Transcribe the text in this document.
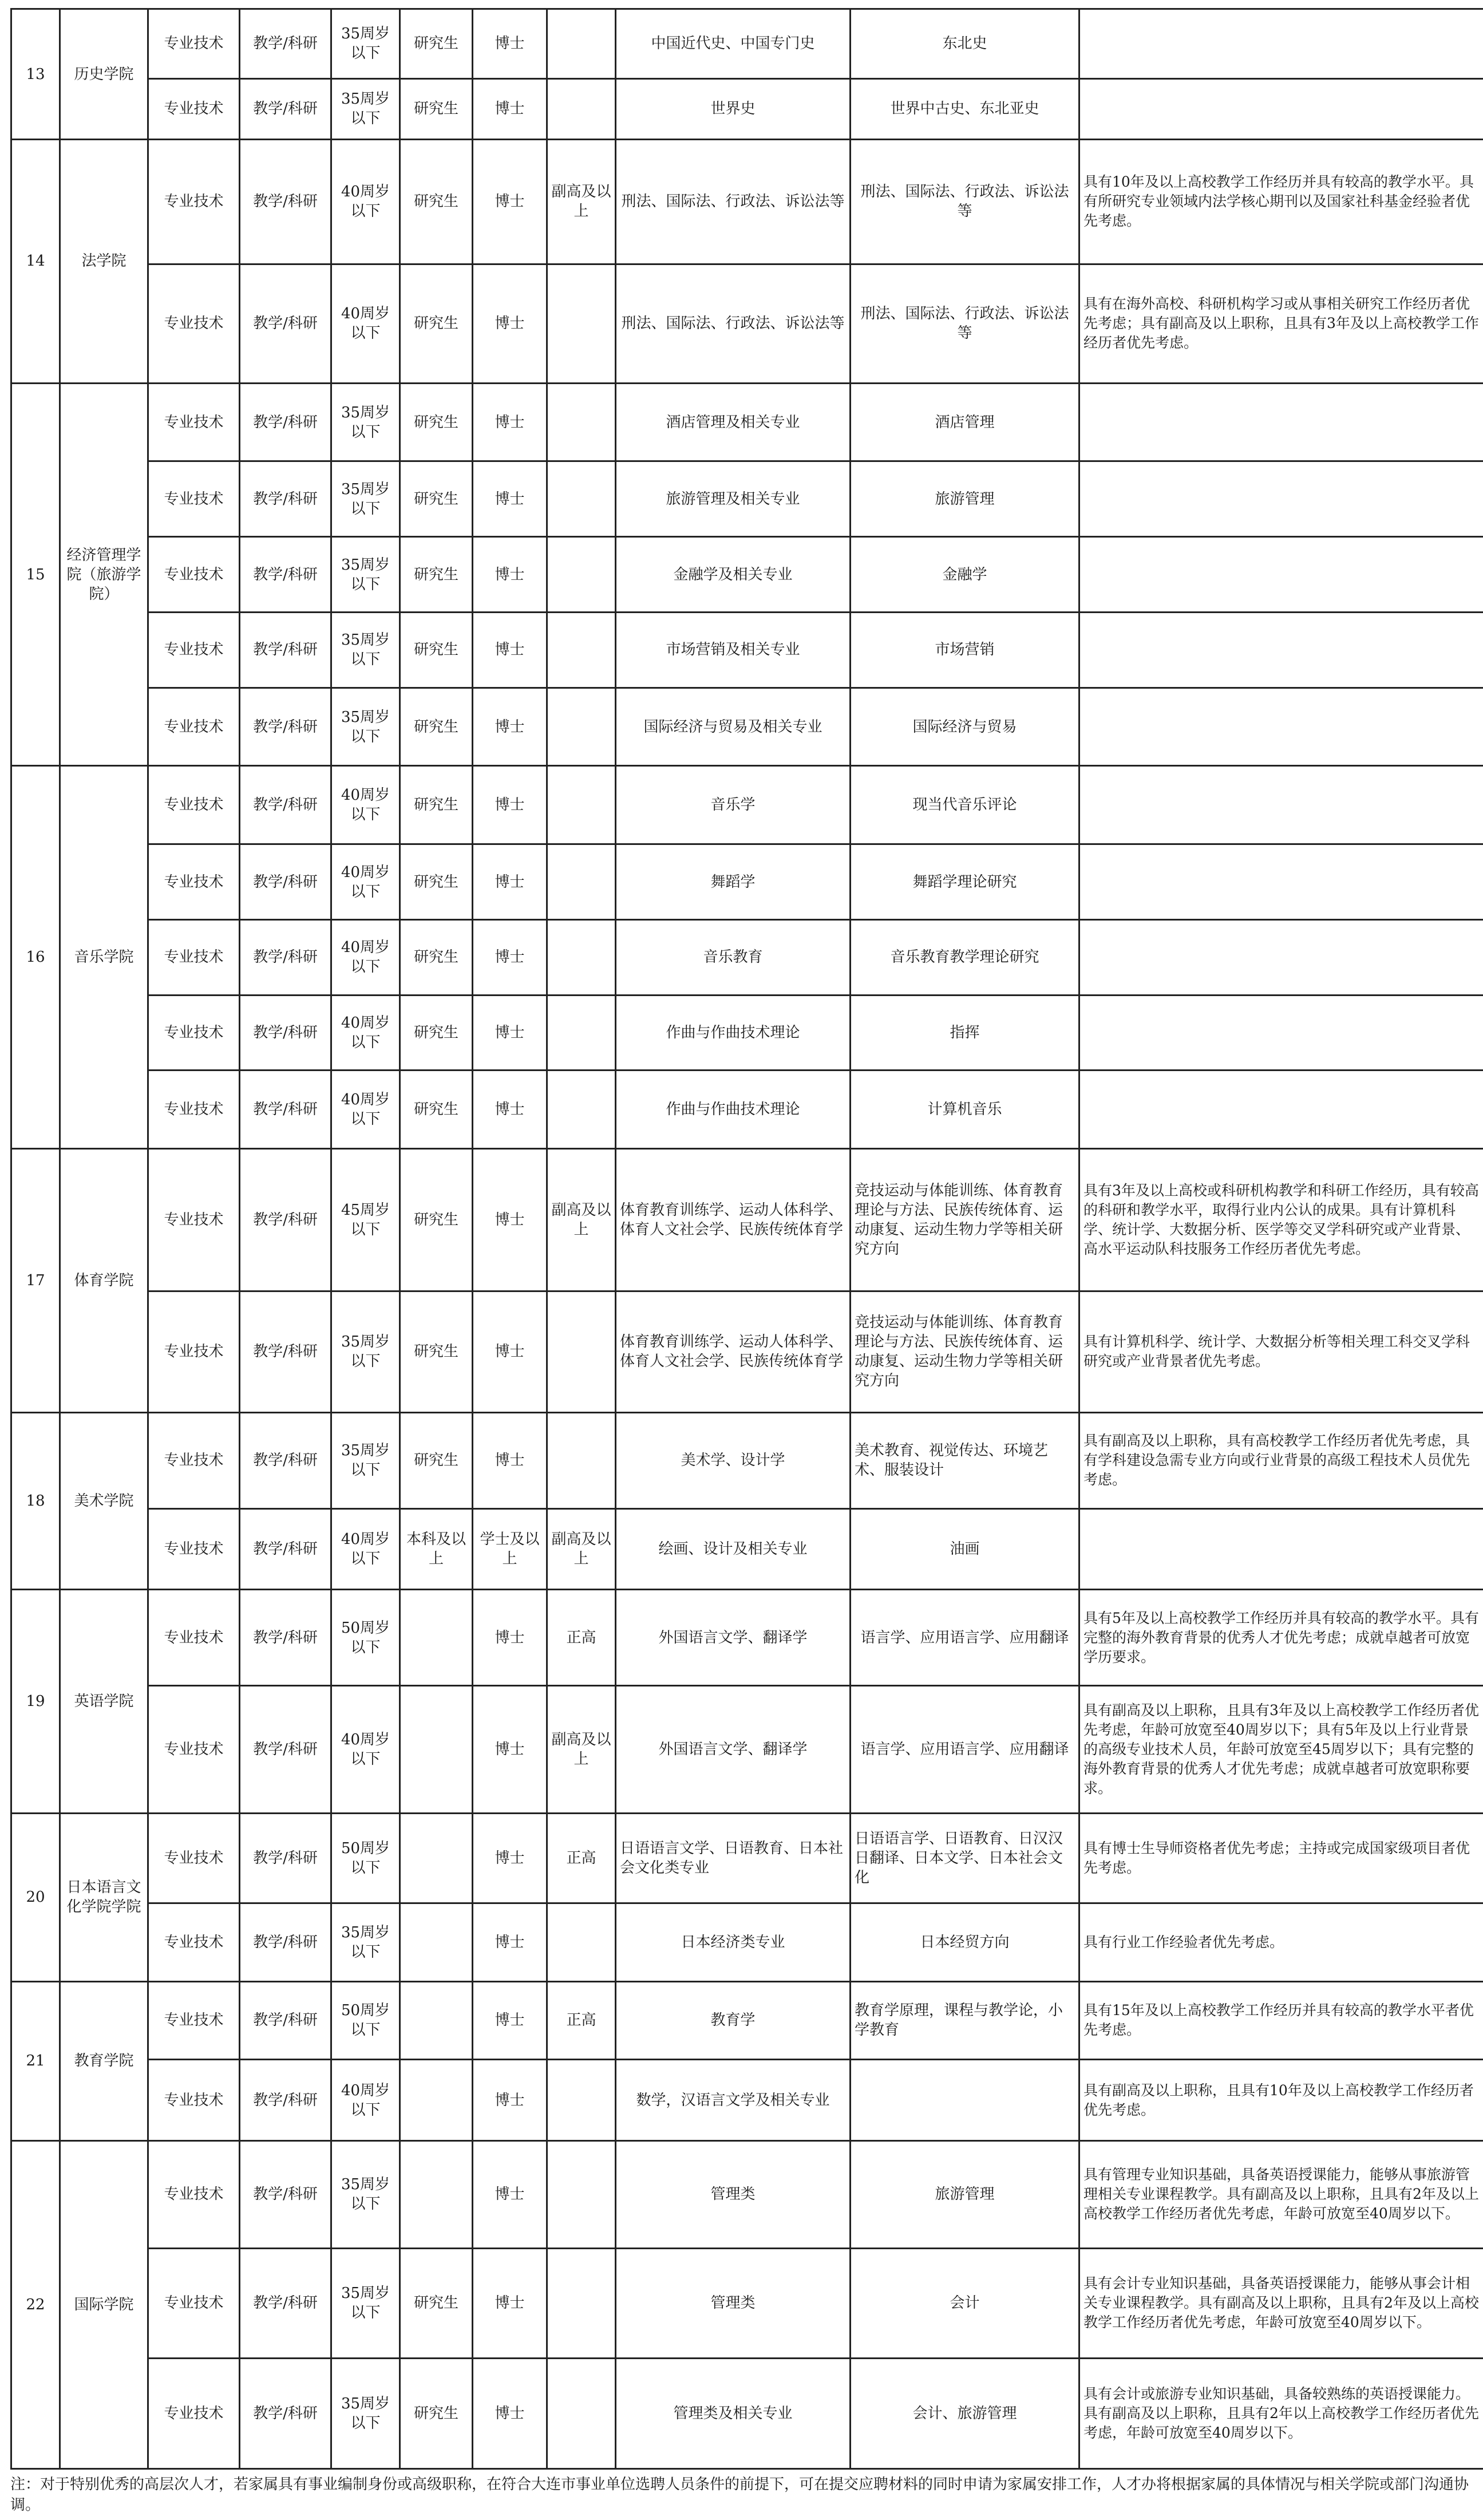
13	历史学院	专业技术	教学/科研	35周岁以下	研究生	博士		中国近代史、中国专门史	东北史	
		专业技术	教学/科研	35周岁以下	研究生	博士		世界史	世界中古史、东北亚史	
14	法学院	专业技术	教学/科研	40周岁以下	研究生	博士	副高及以上	刑法、国际法、行政法、诉讼法等	刑法、国际法、行政法、诉讼法等	具有10年及以上高校教学工作经历并具有较高的教学水平。具有所研究专业领域内法学核心期刊以及国家社科基金经验者优先考虑。
		专业技术	教学/科研	40周岁以下	研究生	博士		刑法、国际法、行政法、诉讼法等	刑法、国际法、行政法、诉讼法等	具有在海外高校、科研机构学习或从事相关研究工作经历者优先考虑；具有副高及以上职称，且具有3年及以上高校教学工作经历者优先考虑。
15	经济管理学院（旅游学院）	专业技术	教学/科研	35周岁以下	研究生	博士		酒店管理及相关专业	酒店管理	
		专业技术	教学/科研	35周岁以下	研究生	博士		旅游管理及相关专业	旅游管理	
		专业技术	教学/科研	35周岁以下	研究生	博士		金融学及相关专业	金融学	
		专业技术	教学/科研	35周岁以下	研究生	博士		市场营销及相关专业	市场营销	
		专业技术	教学/科研	35周岁以下	研究生	博士		国际经济与贸易及相关专业	国际经济与贸易	
16	音乐学院	专业技术	教学/科研	40周岁以下	研究生	博士		音乐学	现当代音乐评论	
		专业技术	教学/科研	40周岁以下	研究生	博士		舞蹈学	舞蹈学理论研究	
		专业技术	教学/科研	40周岁以下	研究生	博士		音乐教育	音乐教育教学理论研究	
		专业技术	教学/科研	40周岁以下	研究生	博士		作曲与作曲技术理论	指挥	
		专业技术	教学/科研	40周岁以下	研究生	博士		作曲与作曲技术理论	计算机音乐	
17	体育学院	专业技术	教学/科研	45周岁以下	研究生	博士	副高及以上	体育教育训练学、运动人体科学、体育人文社会学、民族传统体育学	竞技运动与体能训练、体育教育理论与方法、民族传统体育、运动康复、运动生物力学等相关研究方向	具有3年及以上高校或科研机构教学和科研工作经历，具有较高的科研和教学水平，取得行业内公认的成果。具有计算机科学、统计学、大数据分析、医学等交叉学科研究或产业背景、高水平运动队科技服务工作经历者优先考虑。
		专业技术	教学/科研	35周岁以下	研究生	博士		体育教育训练学、运动人体科学、体育人文社会学、民族传统体育学	竞技运动与体能训练、体育教育理论与方法、民族传统体育、运动康复、运动生物力学等相关研究方向	具有计算机科学、统计学、大数据分析等相关理工科交叉学科研究或产业背景者优先考虑。
18	美术学院	专业技术	教学/科研	35周岁以下	研究生	博士		美术学、设计学	美术教育、视觉传达、环境艺术、服装设计	具有副高及以上职称，具有高校教学工作经历者优先考虑，具有学科建设急需专业方向或行业背景的高级工程技术人员优先考虑。
		专业技术	教学/科研	40周岁以下	本科及以上	学士及以上	副高及以上	绘画、设计及相关专业	油画	
19	英语学院	专业技术	教学/科研	50周岁以下		博士	正高	外国语言文学、翻译学	语言学、应用语言学、应用翻译	具有5年及以上高校教学工作经历并具有较高的教学水平。具有完整的海外教育背景的优秀人才优先考虑；成就卓越者可放宽学历要求。
		专业技术	教学/科研	40周岁以下		博士	副高及以上	外国语言文学、翻译学	语言学、应用语言学、应用翻译	具有副高及以上职称，且具有3年及以上高校教学工作经历者优先考虑，年龄可放宽至40周岁以下；具有5年及以上行业背景的高级专业技术人员，年龄可放宽至45周岁以下；具有完整的海外教育背景的优秀人才优先考虑；成就卓越者可放宽职称要求。
20	日本语言文化学院学院	专业技术	教学/科研	50周岁以下		博士	正高	日语语言文学、日语教育、日本社会文化类专业	日语语言学、日语教育、日汉汉日翻译、日本文学、日本社会文化	具有博士生导师资格者优先考虑；主持或完成国家级项目者优先考虑。
		专业技术	教学/科研	35周岁以下		博士		日本经济类专业	日本经贸方向	具有行业工作经验者优先考虑。
21	教育学院	专业技术	教学/科研	50周岁以下		博士	正高	教育学	教育学原理，课程与教学论，小学教育	具有15年及以上高校教学工作经历并具有较高的教学水平者优先考虑。
		专业技术	教学/科研	40周岁以下		博士		数学，汉语言文学及相关专业		具有副高及以上职称，且具有10年及以上高校教学工作经历者优先考虑。
22	国际学院	专业技术	教学/科研	35周岁以下		博士		管理类	旅游管理	具有管理专业知识基础，具备英语授课能力，能够从事旅游管理相关专业课程教学。具有副高及以上职称，且具有2年及以上高校教学工作经历者优先考虑，年龄可放宽至40周岁以下。
		专业技术	教学/科研	35周岁以下	研究生	博士		管理类	会计	具有会计专业知识基础，具备英语授课能力，能够从事会计相关专业课程教学。具有副高及以上职称，且具有2年及以上高校教学工作经历者优先考虑，年龄可放宽至40周岁以下。
		专业技术	教学/科研	35周岁以下	研究生	博士		管理类及相关专业	会计、旅游管理	具有会计或旅游专业知识基础，具备较熟练的英语授课能力。具有副高及以上职称，且具有2年以上高校教学工作经历者优先考虑，年龄可放宽至40周岁以下。
注：对于特别优秀的高层次人才，若家属具有事业编制身份或高级职称，在符合大连市事业单位选聘人员条件的前提下，可在提交应聘材料的同时申请为家属安排工作，人才办将根据家属的具体情况与相关学院或部门沟通协调。
